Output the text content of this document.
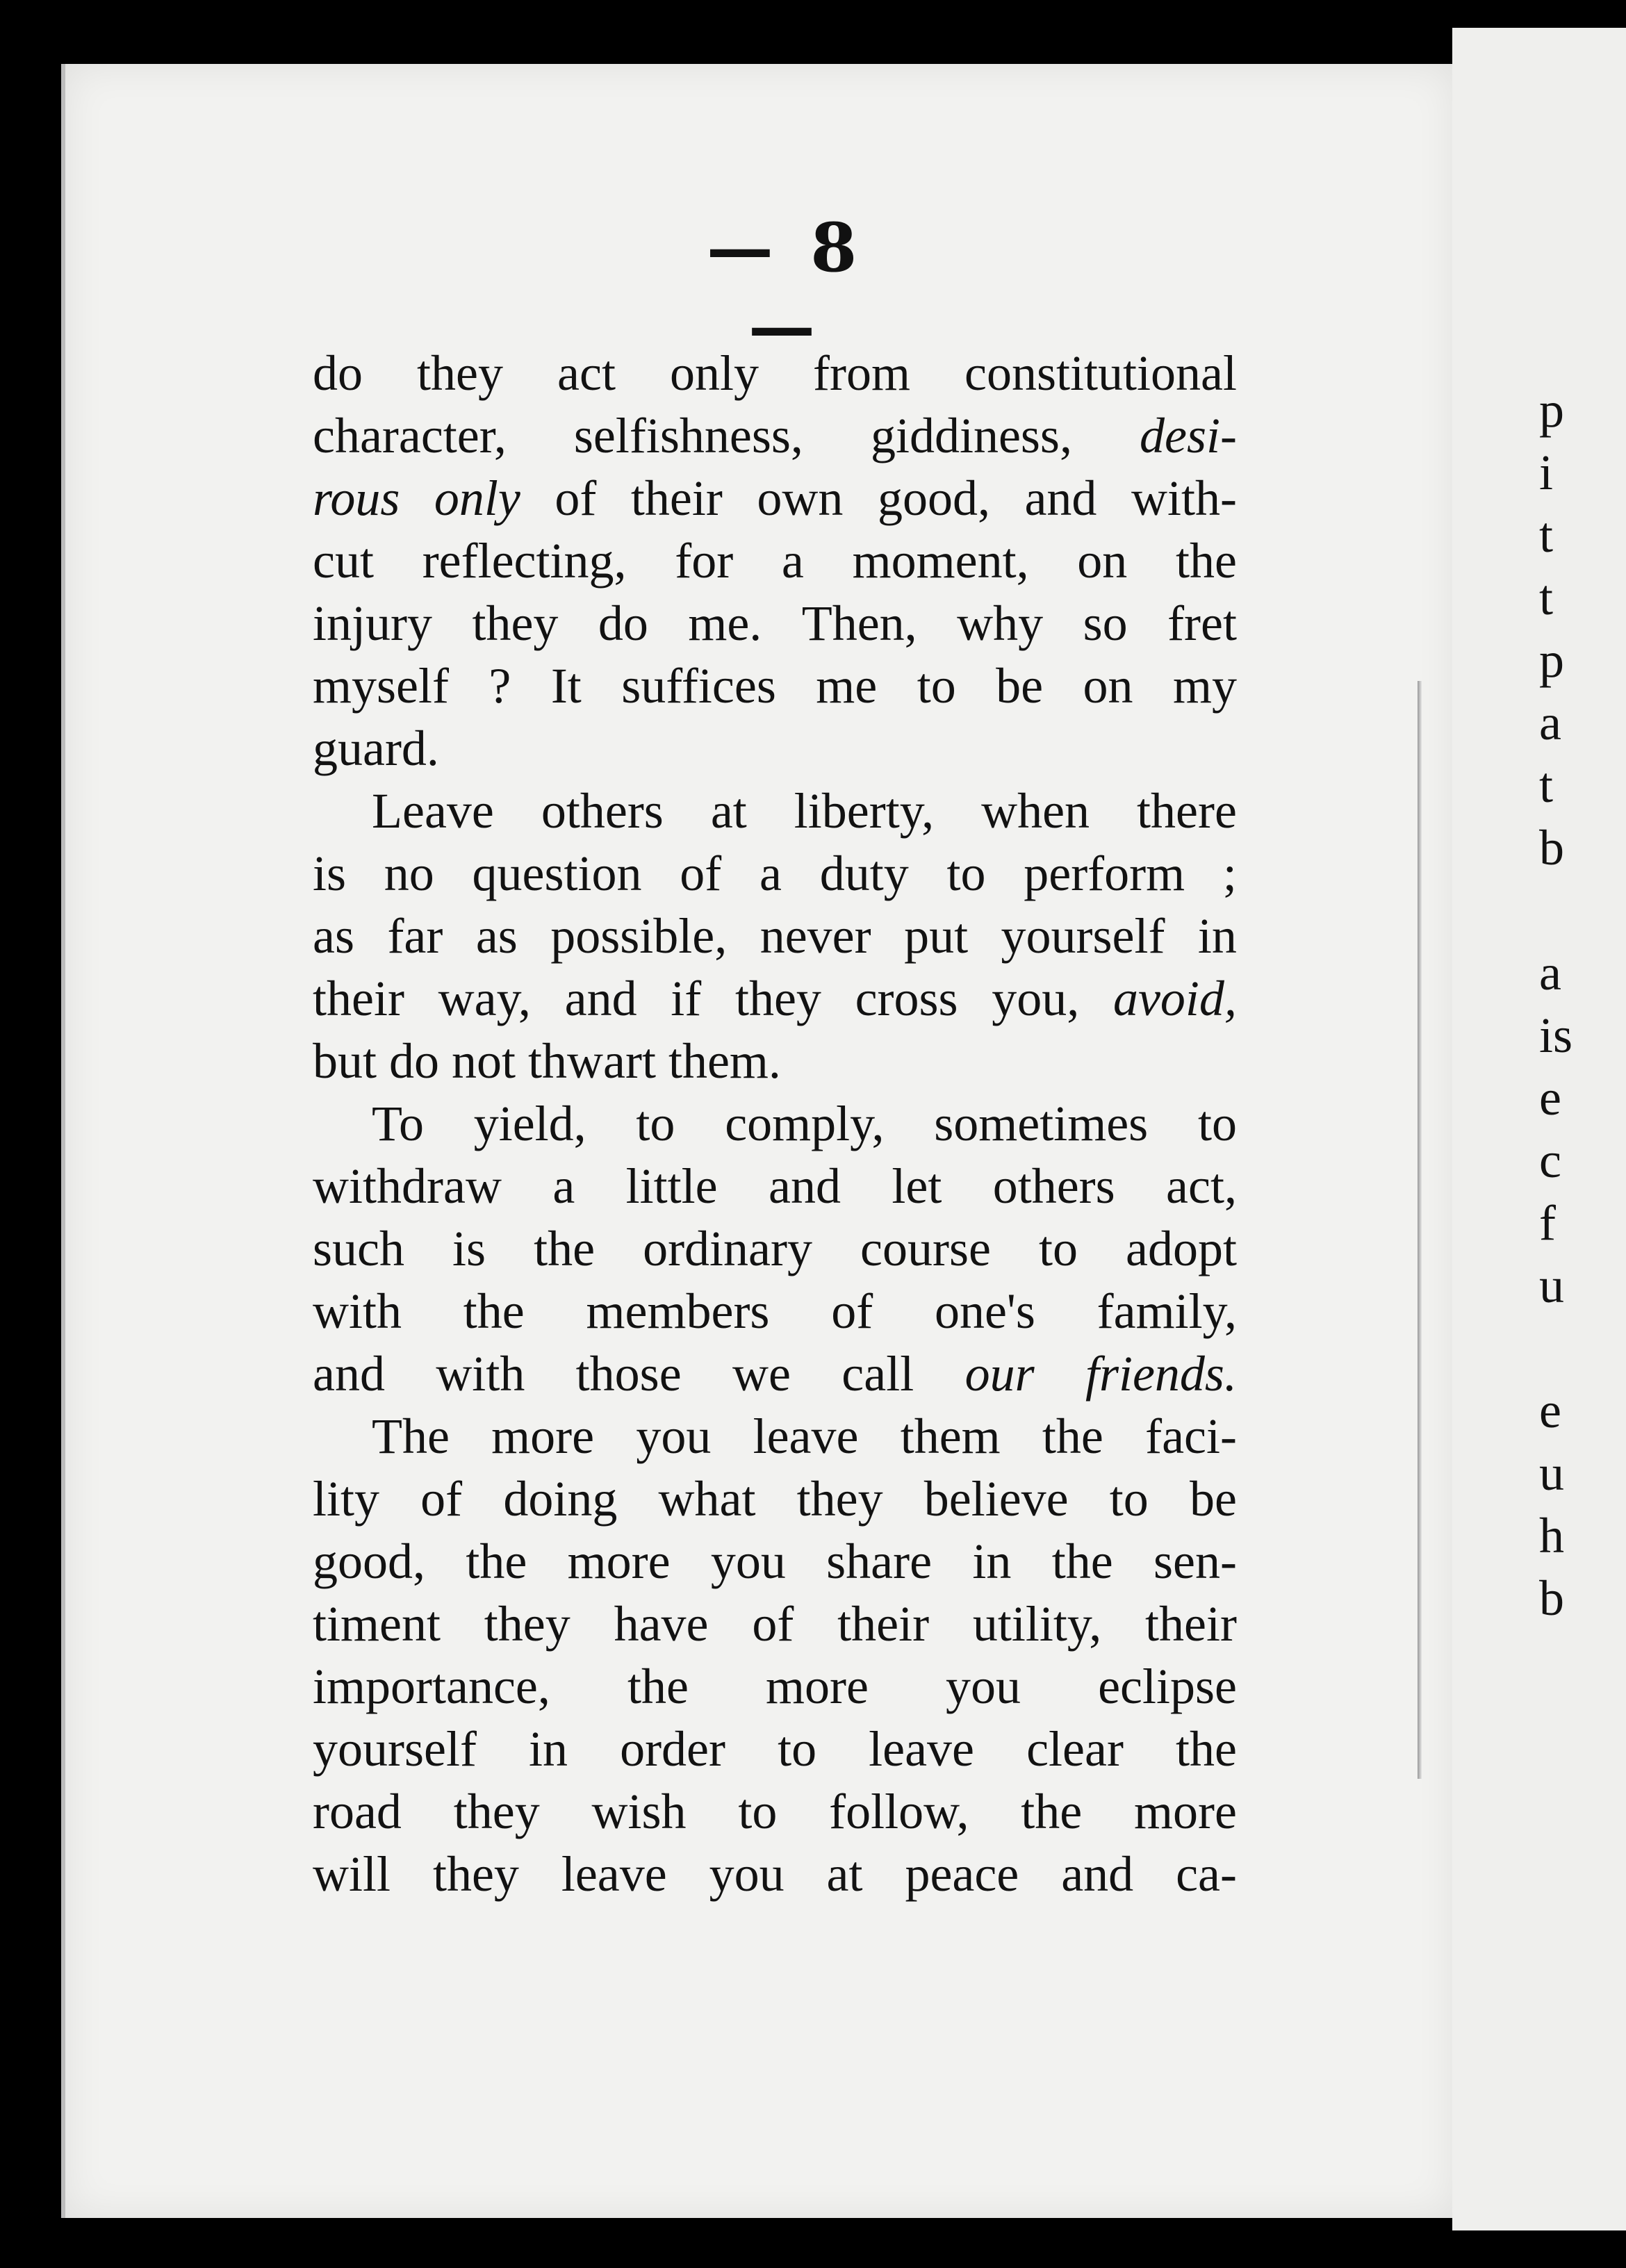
— 8 —
do they act only from constitutional
character, selfishness, giddiness, desi-
rous only of their own good, and with-
cut reflecting, for a moment, on the
injury they do me. Then, why so fret
myself ? It suffices me to be on my
guard.
Leave others at liberty, when there
is no question of a duty to perform ;
as far as possible, never put yourself in
their way, and if they cross you, avoid,
but do not thwart them.
To yield, to comply, sometimes to
withdraw a little and let others act,
such is the ordinary course to adopt
with the members of one's family,
and with those we call our friends.
The more you leave them the faci-
lity of doing what they believe to be
good, the more you share in the sen-
timent they have of their utility, their
importance, the more you eclipse
yourself in order to leave clear the
road they wish to follow, the more
will they leave you at peace and ca-
p
i
t
t
p
a
t
b
a
is
e
c
f
u
e
u
h
b
